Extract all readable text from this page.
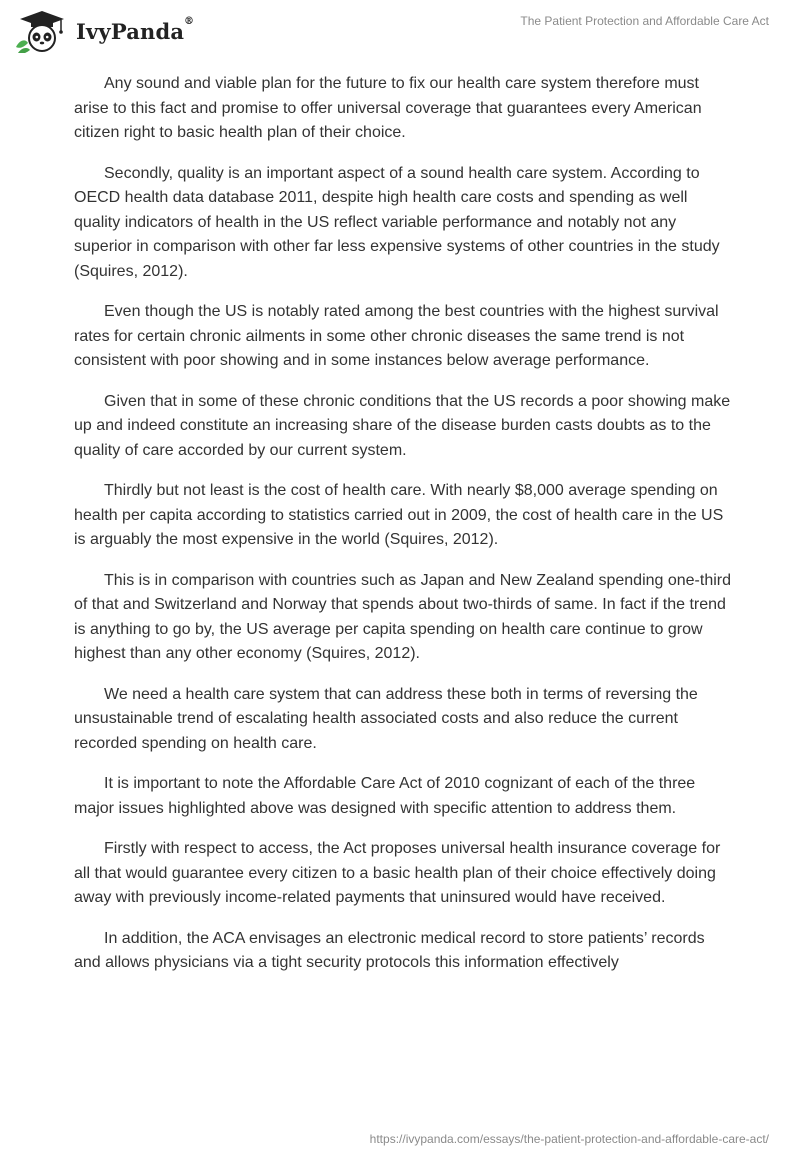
IvyPanda ®	The Patient Protection and Affordable Care Act

Any sound and viable plan for the future to fix our health care system therefore must arise to this fact and promise to offer universal coverage that guarantees every American citizen right to basic health plan of their choice.

Secondly, quality is an important aspect of a sound health care system. According to OECD health data database 2011, despite high health care costs and spending as well quality indicators of health in the US reflect variable performance and notably not any superior in comparison with other far less expensive systems of other countries in the study (Squires, 2012).

Even though the US is notably rated among the best countries with the highest survival rates for certain chronic ailments in some other chronic diseases the same trend is not consistent with poor showing and in some instances below average performance.

Given that in some of these chronic conditions that the US records a poor showing make up and indeed constitute an increasing share of the disease burden casts doubts as to the quality of care accorded by our current system.

Thirdly but not least is the cost of health care. With nearly $8,000 average spending on health per capita according to statistics carried out in 2009, the cost of health care in the US is arguably the most expensive in the world (Squires, 2012).

This is in comparison with countries such as Japan and New Zealand spending one-third of that and Switzerland and Norway that spends about two-thirds of same. In fact if the trend is anything to go by, the US average per capita spending on health care continue to grow highest than any other economy (Squires, 2012).

We need a health care system that can address these both in terms of reversing the unsustainable trend of escalating health associated costs and also reduce the current recorded spending on health care.

It is important to note the Affordable Care Act of 2010 cognizant of each of the three major issues highlighted above was designed with specific attention to address them.

Firstly with respect to access, the Act proposes universal health insurance coverage for all that would guarantee every citizen to a basic health plan of their choice effectively doing away with previously income-related payments that uninsured would have received.

In addition, the ACA envisages an electronic medical record to store patients’ records and allows physicians via a tight security protocols this information effectively

https://ivypanda.com/essays/the-patient-protection-and-affordable-care-act/
